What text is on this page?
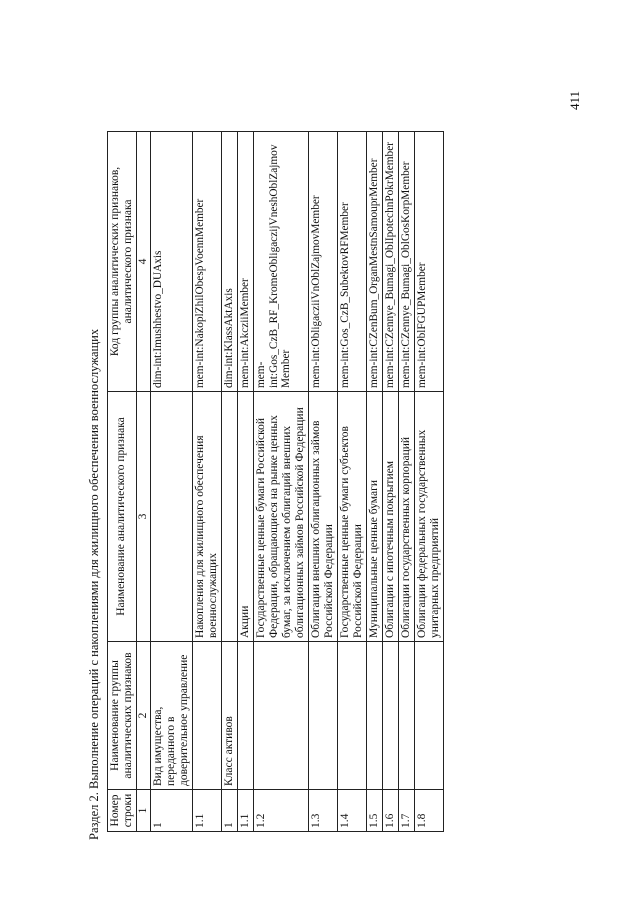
Раздел 2. Выполнение операций с накоплениями для жилищного обеспечения военнослужащих Номер строки	Наименование группы аналитических признаков	Наименование аналитического признака	Код группы аналитических признаков, аналитического признака
1	2	3	4
1	Вид имущества, переданного в доверительное управление		dim-int:Imushhestvo_DUAxis
1.1		Накопления для жилищного обеспечения военнослужащих	mem-int:NakoplZhilObespVoennMember
1	Класс активов		dim-int:KlassAktAxis
1.1		Акции	mem-int:AkcziiMember
1.2		Государственные ценные бумаги Российской Федерации, обращающиеся на рынке ценных бумаг, за исключением облигаций внешних облигационных займов Российской Федерации	mem-int:Gos_CzB_RF_KromeObligaczijVneshOblZajmovMember
1.3		Облигации внешних облигационных займов Российской Федерации	mem-int:ObligacziiVnOblZajmovMember
1.4		Государственные ценные бумаги субъектов Российской Федерации	mem-int:Gos_CzB_SubektovRFMember
1.5		Муниципальные ценные бумаги	mem-int:CZenBum_OrganMestnSamouprMember
1.6		Облигации с ипотечным покрытием	mem-int:CZennye_Bumagi_OblIpotechnPokrMember
1.7		Облигации государственных корпораций	mem-int:CZennye_Bumagi_OblGosKorpMember
1.8		Облигации федеральных государственных унитарных предприятий	mem-int:OblFGUPMember
411
